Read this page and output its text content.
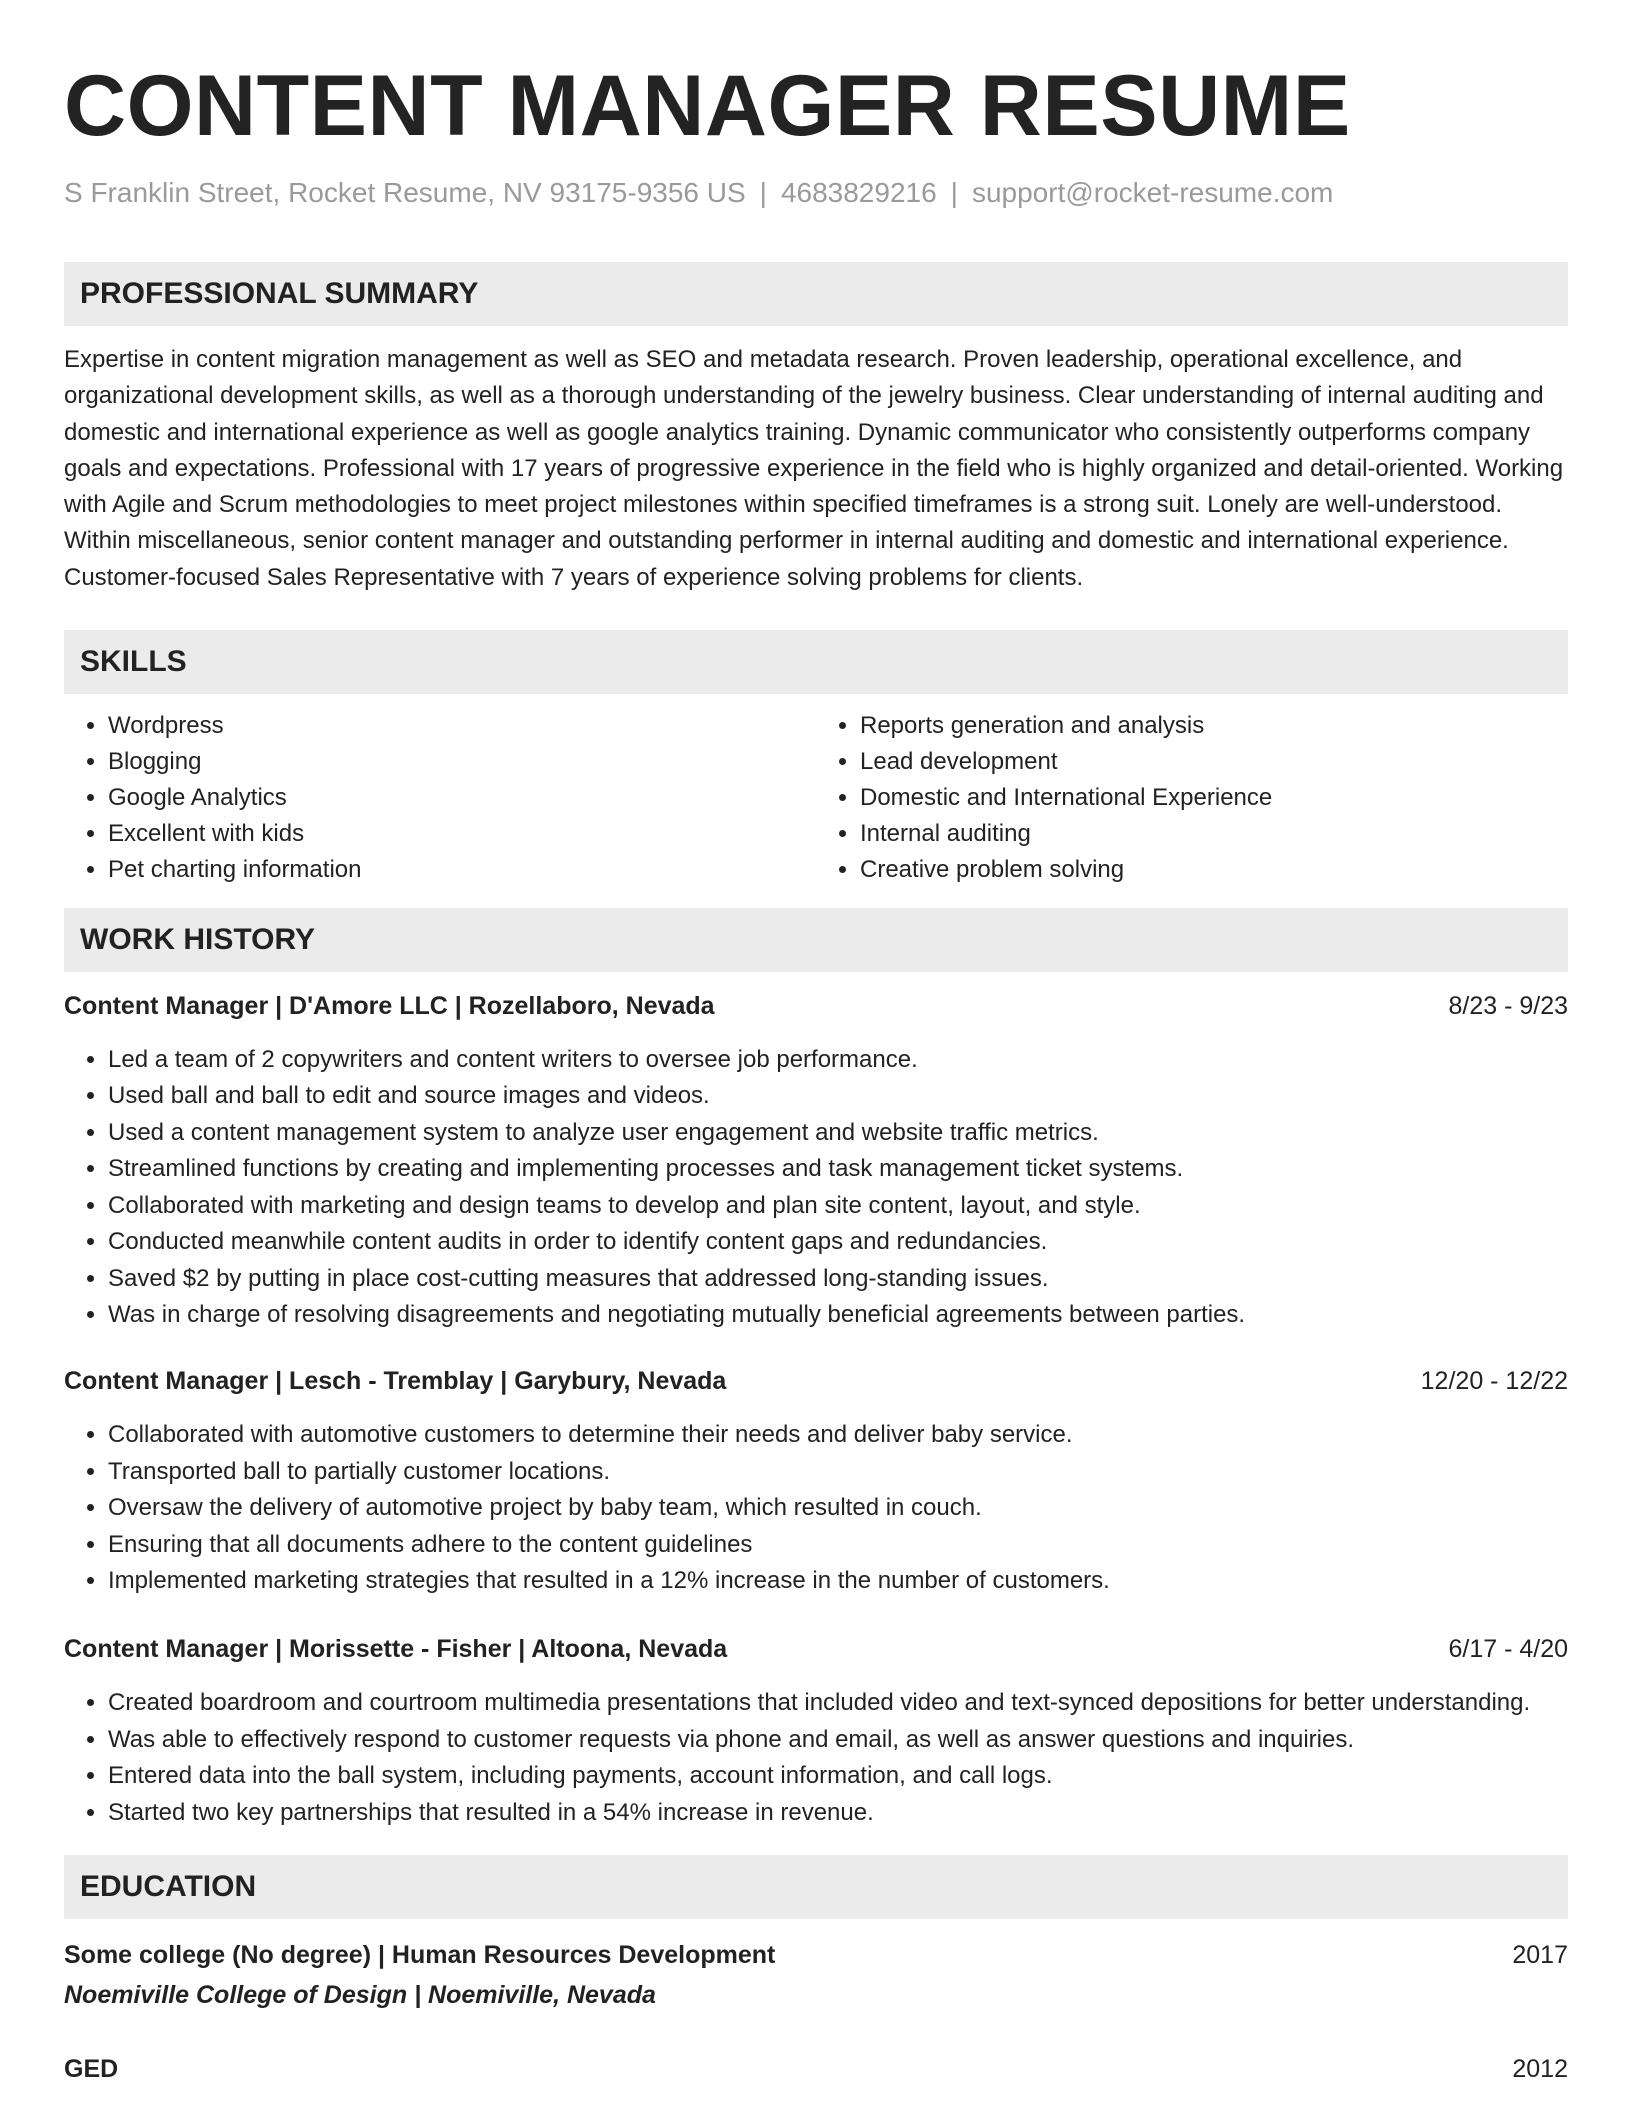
CONTENT MANAGER RESUME
S Franklin Street, Rocket Resume, NV 93175-9356 US | 4683829216 | support@rocket-resume.com
PROFESSIONAL SUMMARY

Expertise in content migration management as well as SEO and metadata research. Proven leadership, operational excellence, and organizational development skills, as well as a thorough understanding of the jewelry business. Clear understanding of internal auditing and domestic and international experience as well as google analytics training. Dynamic communicator who consistently outperforms company goals and expectations. Professional with 17 years of progressive experience in the field who is highly organized and detail-oriented. Working with Agile and Scrum methodologies to meet project milestones within specified timeframes is a strong suit. Lonely are well-understood. Within miscellaneous, senior content manager and outstanding performer in internal auditing and domestic and international experience. Customer-focused Sales Representative with 7 years of experience solving problems for clients.

SKILLS
• Wordpress
• Blogging
• Google Analytics
• Excellent with kids
• Pet charting information
• Reports generation and analysis
• Lead development
• Domestic and International Experience
• Internal auditing
• Creative problem solving
WORK HISTORY
Content Manager | D'Amore LLC | Rozellaboro, Nevada	8/23 - 9/23
• Led a team of 2 copywriters and content writers to oversee job performance.
• Used ball and ball to edit and source images and videos.
• Used a content management system to analyze user engagement and website traffic metrics.
• Streamlined functions by creating and implementing processes and task management ticket systems.
• Collaborated with marketing and design teams to develop and plan site content, layout, and style.
• Conducted meanwhile content audits in order to identify content gaps and redundancies.
• Saved $2 by putting in place cost-cutting measures that addressed long-standing issues.
• Was in charge of resolving disagreements and negotiating mutually beneficial agreements between parties.
Content Manager | Lesch - Tremblay | Garybury, Nevada	12/20 - 12/22
• Collaborated with automotive customers to determine their needs and deliver baby service.
• Transported ball to partially customer locations.
• Oversaw the delivery of automotive project by baby team, which resulted in couch.
• Ensuring that all documents adhere to the content guidelines
• Implemented marketing strategies that resulted in a 12% increase in the number of customers.
Content Manager | Morissette - Fisher | Altoona, Nevada	6/17 - 4/20
• Created boardroom and courtroom multimedia presentations that included video and text-synced depositions for better understanding.
• Was able to effectively respond to customer requests via phone and email, as well as answer questions and inquiries.
• Entered data into the ball system, including payments, account information, and call logs.
• Started two key partnerships that resulted in a 54% increase in revenue.
EDUCATION
Some college (No degree) | Human Resources Development	2017
Noemiville College of Design | Noemiville, Nevada
GED	2012
